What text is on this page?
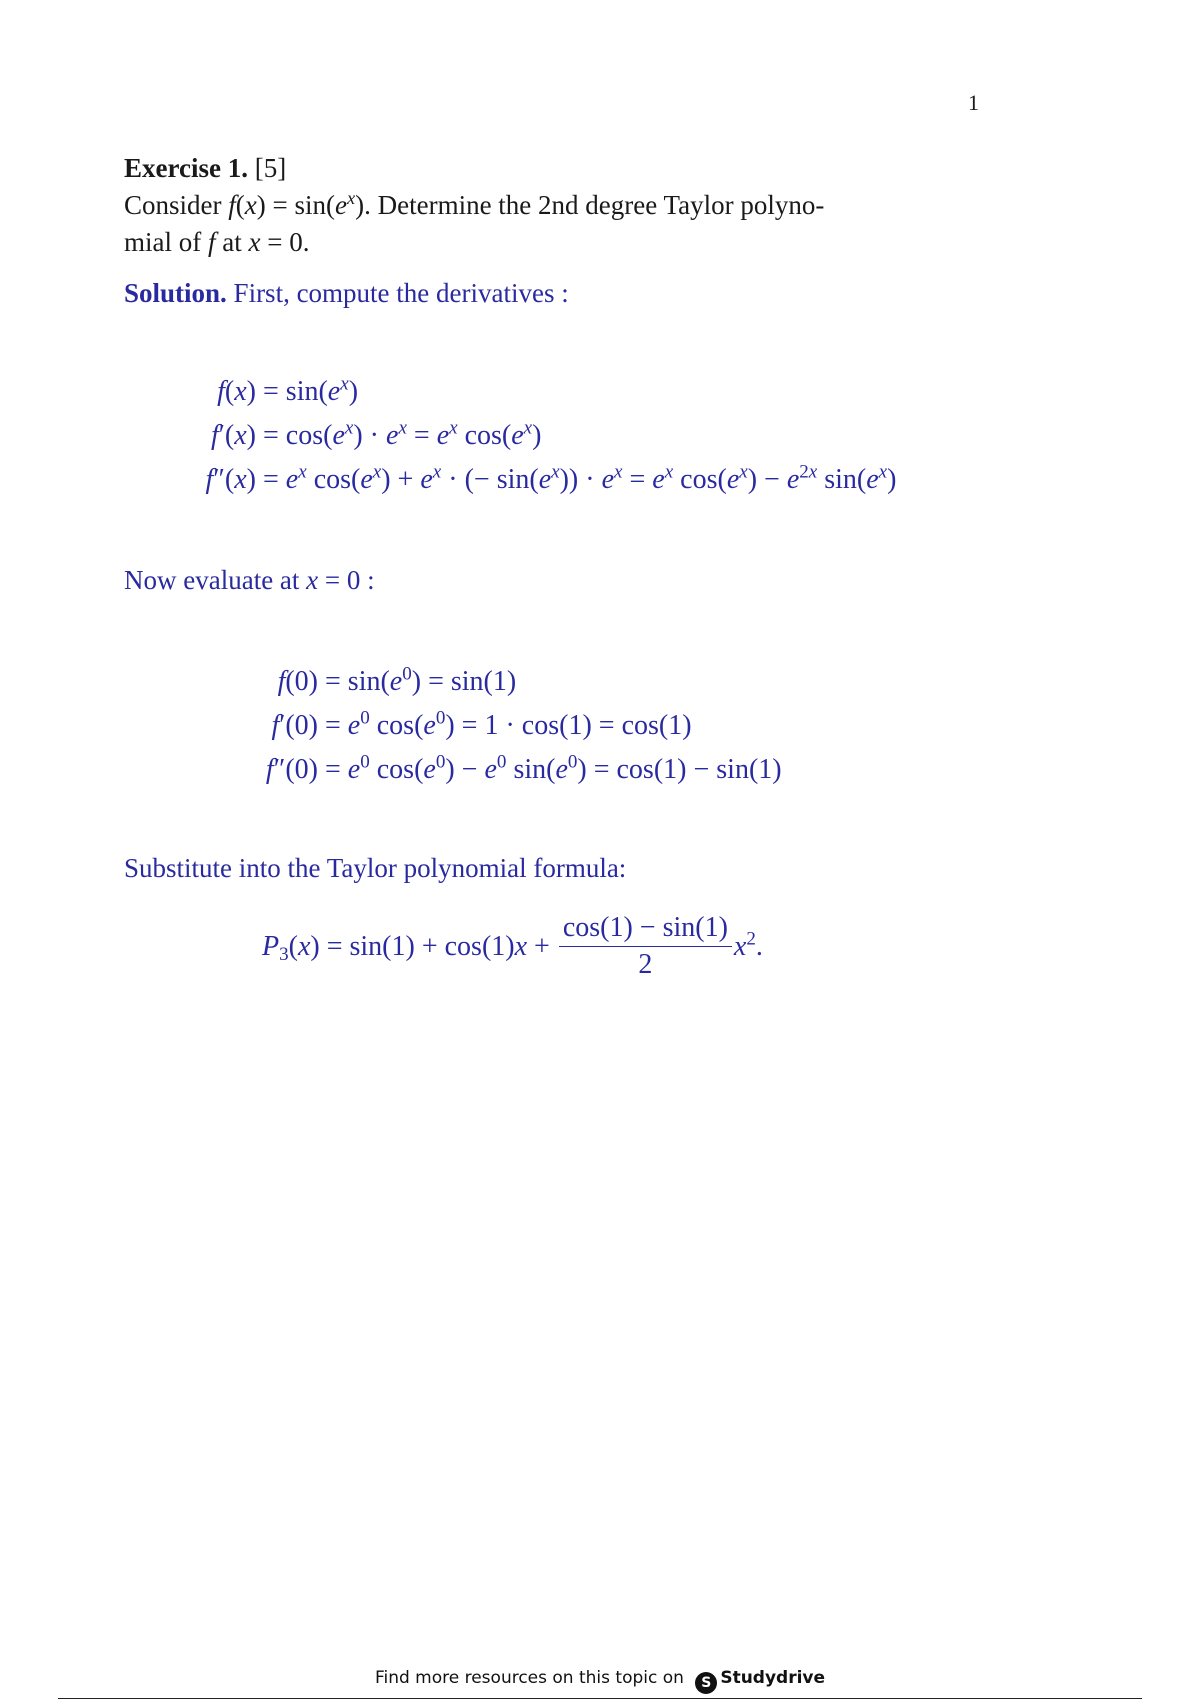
1
Exercise 1. [5]
Consider $f(x) = \sin(e^x)$. Determine the 2nd degree Taylor polyno-
mial of f at x = 0.
Solution. First, compute the derivatives :
$f(x) = \sin(e^x)$
$f'(x) = \cos(e^x) \cdot e^x = e^x$ $\cos(e^x)$
$f''(x) = e^x$ $\cos(e^x) + e^x$ · (− $\sin(e^x)) \cdot e^x = e^x$ $\cos(e^x) - e^{2x}$ $\sin(e^x)$
Now evaluate at x = 0 :
$f(0) = \sin(e^0) = \sin(1)$
$f'(0) = e^0$ $\cos(e^0) = 1 \cdot \cos(1) = \cos(1)$
$f''(0) = e^0$ $\cos(e^0) - e^0$ $\sin(e^0) = \cos(1) - \sin(1)$
Substitute into the Taylor polynomial formula:
$P_3(x) = \sin(1) + \cos(1)x + \frac{\cos(1) - \sin(1)}{2} x^2$.
Find more resources on this topic on S Studydrive
